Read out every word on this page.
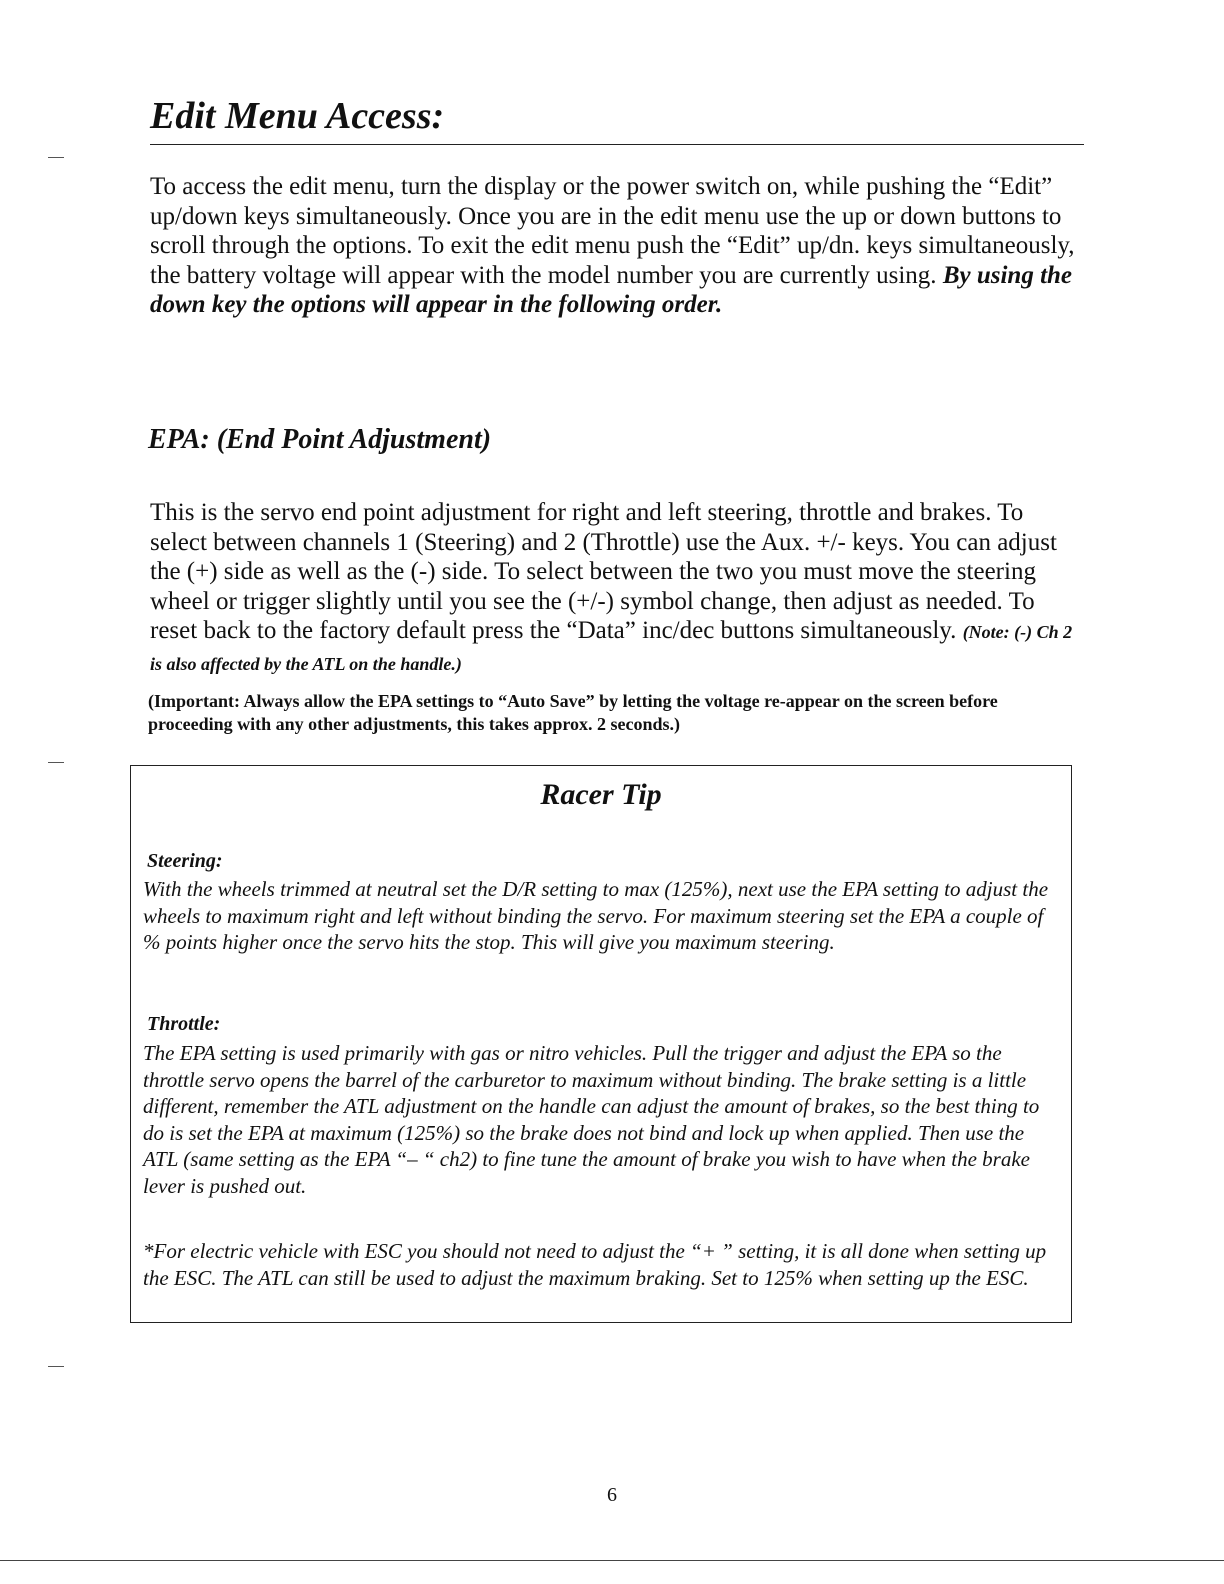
Edit Menu Access:
To access the edit menu, turn the display or the power switch on, while pushing the “Edit” up/down keys simultaneously. Once you are in the edit menu use the up or down buttons to scroll through the options. To exit the edit menu push the “Edit” up/dn. keys simultaneously, the battery voltage will appear with the model number you are currently using. By using the down key the options will appear in the following order.
EPA: (End Point Adjustment)
This is the servo end point adjustment for right and left steering, throttle and brakes. To select between channels 1 (Steering) and 2 (Throttle) use the Aux. +/- keys. You can adjust the (+) side as well as the (-) side. To select between the two you must move the steering wheel or trigger slightly until you see the (+/-) symbol change, then adjust as needed. To reset back to the factory default press the “Data” inc/dec buttons simultaneously. (Note: (-) Ch 2 is also affected by the ATL on the handle.)
(Important: Always allow the EPA settings to “Auto Save” by letting the voltage re-appear on the screen before proceeding with any other adjustments, this takes approx. 2 seconds.)
Racer Tip
Steering:
With the wheels trimmed at neutral set the D/R setting to max (125%), next use the EPA setting to adjust the wheels to maximum right and left without binding the servo. For maximum steering set the EPA a couple of % points higher once the servo hits the stop. This will give you maximum steering.
Throttle:
The EPA setting is used primarily with gas or nitro vehicles. Pull the trigger and adjust the EPA so the throttle servo opens the barrel of the carburetor to maximum without binding. The brake setting is a little different, remember the ATL adjustment on the handle can adjust the amount of brakes, so the best thing to do is set the EPA at maximum (125%) so the brake does not bind and lock up when applied. Then use the ATL (same setting as the EPA “– “ ch2) to fine tune the amount of brake you wish to have when the brake lever is pushed out.
*For electric vehicle with ESC you should not need to adjust the “+ ” setting, it is all done when setting up the ESC. The ATL can still be used to adjust the maximum braking. Set to 125% when setting up the ESC.
6
